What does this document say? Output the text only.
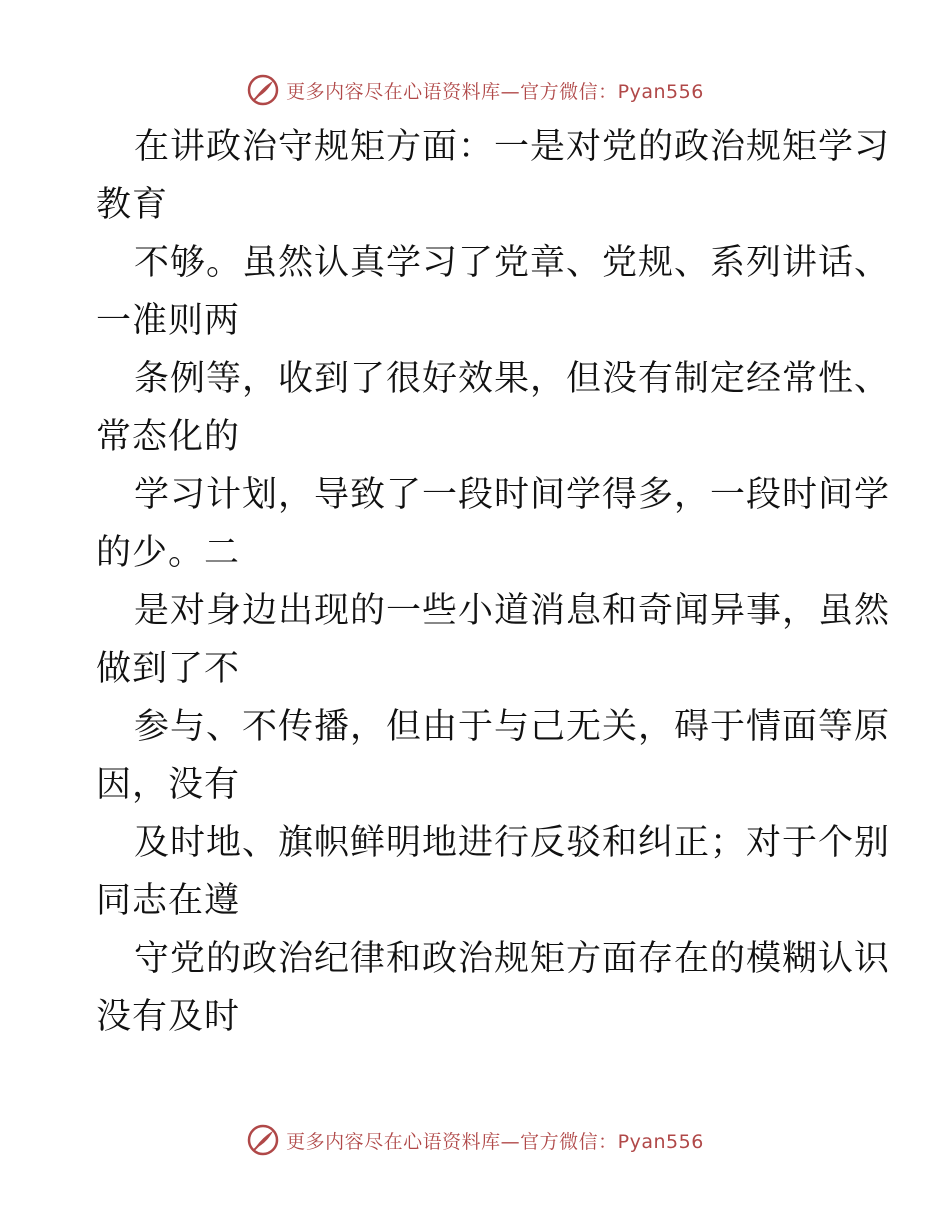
更多内容尽在心语资料库—官方微信：Pyan556
在讲政治守规矩方面：一是对党的政治规矩学习
教育
不够。虽然认真学习了党章、党规、系列讲话、
一准则两
条例等，收到了很好效果，但没有制定经常性、
常态化的
学习计划，导致了一段时间学得多，一段时间学
的少。二
是对身边出现的一些小道消息和奇闻异事，虽然
做到了不
参与、不传播，但由于与己无关，碍于情面等原
因，没有
及时地、旗帜鲜明地进行反驳和纠正；对于个别
同志在遵
守党的政治纪律和政治规矩方面存在的模糊认识
没有及时
更多内容尽在心语资料库—官方微信：Pyan556
